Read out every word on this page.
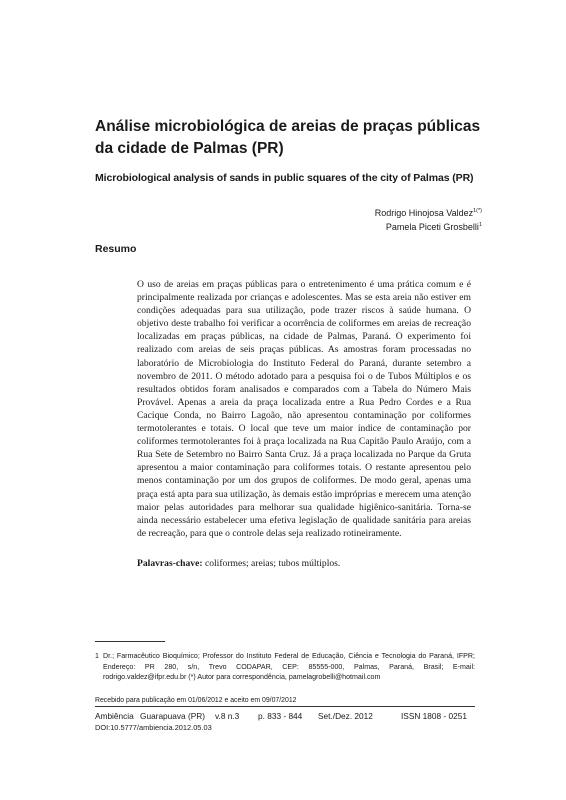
Análise microbiológica de areias de praças públicas da cidade de Palmas (PR)
Microbiological analysis of sands in public squares of the city of Palmas (PR)
Rodrigo Hinojosa Valdez$^{1(*)}$
Pamela Piceti Grosbelli$^1$
Resumo

O uso de areias em praças públicas para o entretenimento é uma prática comum e é principalmente realizada por crianças e adolescentes. Mas se esta areia não estiver em condições adequadas para sua utilização, pode trazer riscos à saúde humana. O objetivo deste trabalho foi verificar a ocorrência de coliformes em areias de recreação localizadas em praças públicas, na cidade de Palmas, Paraná. O experimento foi realizado com areias de seis praças públicas. As amostras foram processadas no laboratório de Microbiologia do Instituto Federal do Paraná, durante setembro a novembro de 2011. O método adotado para a pesquisa foi o de Tubos Múltiplos e os resultados obtidos foram analisados e comparados com a Tabela do Número Mais Provável. Apenas a areia da praça localizada entre a Rua Pedro Cordes e a Rua Cacique Conda, no Bairro Lagoão, não apresentou contaminação por coliformes termotolerantes e totais. O local que teve um maior índice de contaminação por coliformes termotolerantes foi à praça localizada na Rua Capitão Paulo Araújo, com a Rua Sete de Setembro no Bairro Santa Cruz. Já a praça localizada no Parque da Gruta apresentou a maior contaminação para coliformes totais. O restante apresentou pelo menos contaminação por um dos grupos de coliformes. De modo geral, apenas uma praça está apta para sua utilização, às demais estão impróprias e merecem uma atenção maior pelas autoridades para melhorar sua qualidade higiênico-sanitária. Torna-se ainda necessário estabelecer uma efetiva legislação de qualidade sanitária para areias de recreação, para que o controle delas seja realizado rotineiramente.

Palavras-chave: coliformes; areias; tubos múltiplos.
1 Dr.; Farmacêutico Bioquímico; Professor do Instituto Federal de Educação, Ciência e Tecnologia do Paraná, IFPR; Endereço: PR 280, s/n, Trevo CODAPAR, CEP: 85555-000, Palmas, Paraná, Brasil; E-mail: rodrigo.valdez@ifpr.edu.br (*) Autor para correspondência, pamelagrobelli@hotmail.com
Recebido para publicação em 01/06/2012 e aceito em 09/07/2012
Ambiência Guarapuava (PR) v.8 n.3 p. 833 - 844 Set./Dez. 2012	ISSN 1808 - 0251
DOI:10.5777/ambiencia.2012.05.03
